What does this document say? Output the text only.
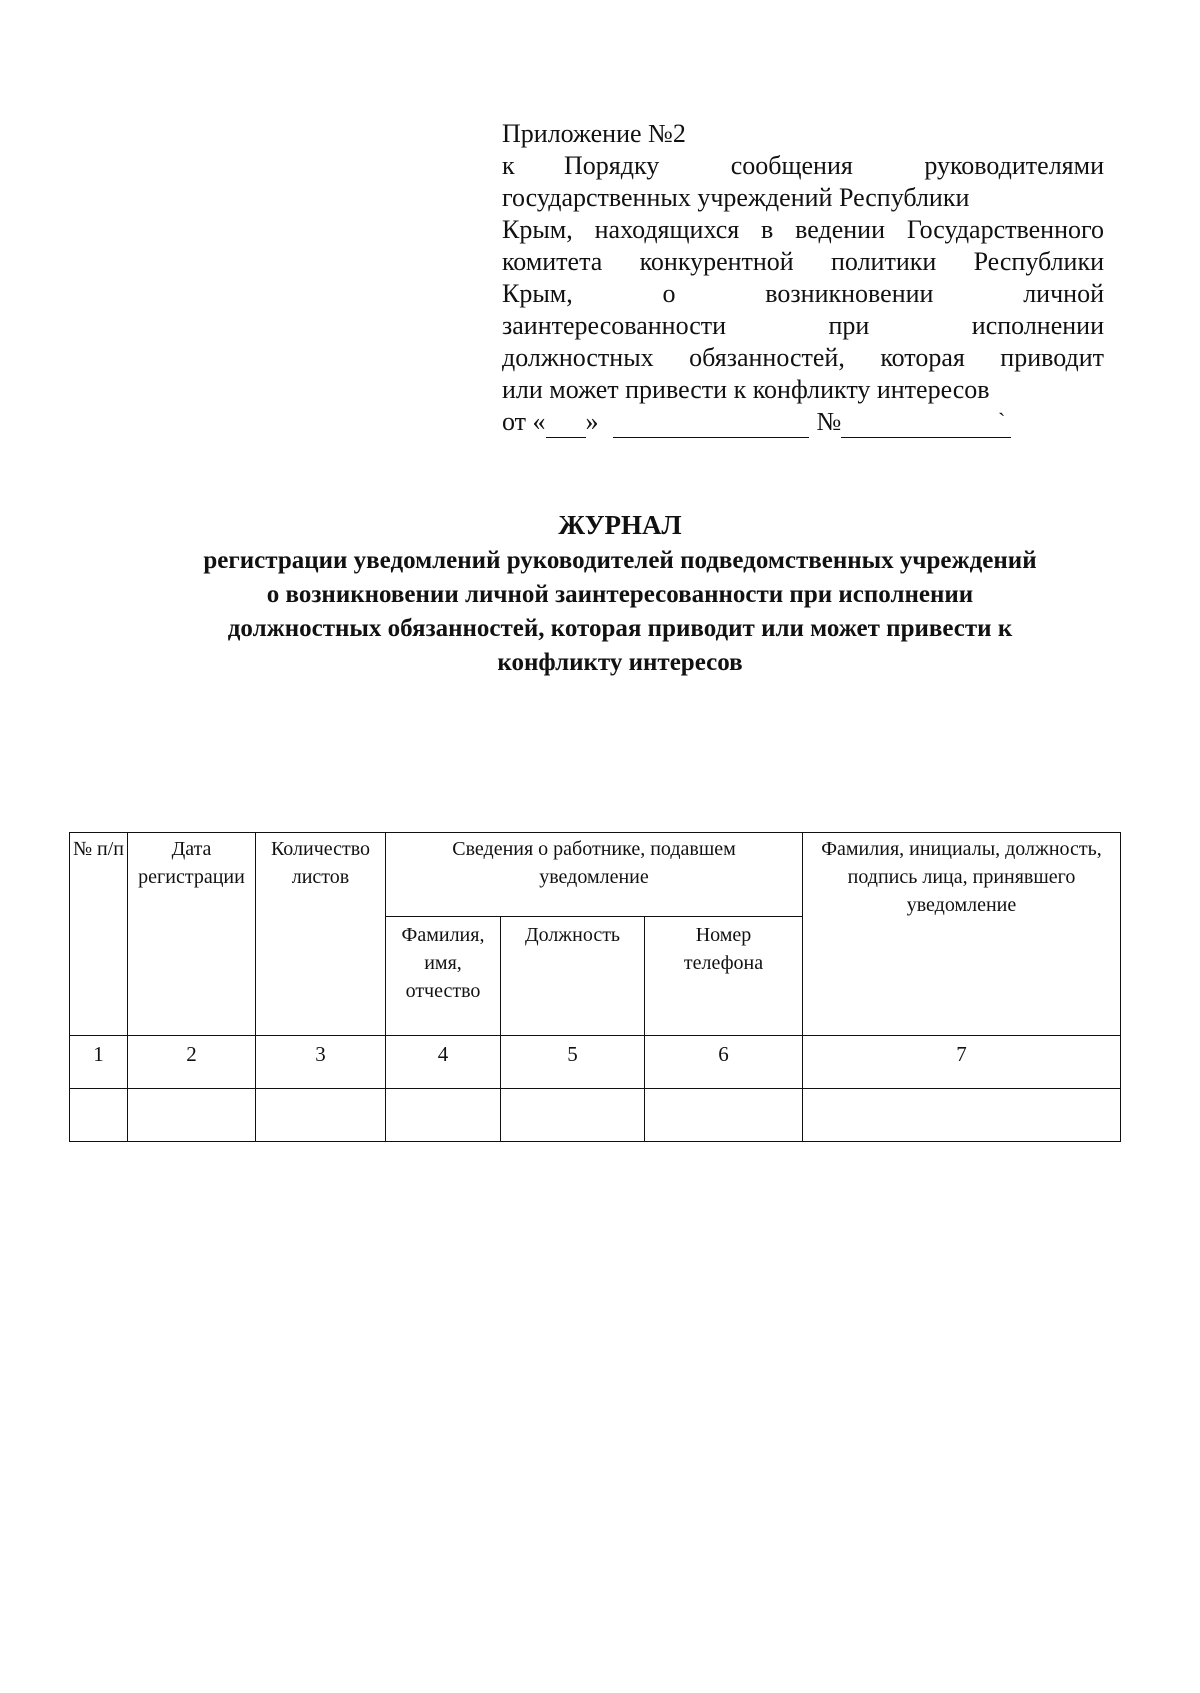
Приложение №2
к	Порядку сообщения руководителями
государственных учреждений Республики
Крым, находящихся в ведении Государственного
комитета конкурентной политики Республики
Крым, о возникновении личной
заинтересованности при исполнении
должностных обязанностей, которая приводит
или может привести к конфликту интересов
от « »	№	`
ЖУРНАЛ
регистрации уведомлений руководителей подведомственных учреждений
о возникновении личной заинтересованности при исполнении
должностных обязанностей, которая приводит или может привести к
конфликту интересов
№ п/п	Дата регистрации	Количество листов	Сведения о работнике, подавшем уведомление			Фамилия, инициалы, должность, подпись лица, принявшего уведомление
			Фамилия, имя, отчество	Должность	Номер телефона	
1	2	3	4	5	6	7
